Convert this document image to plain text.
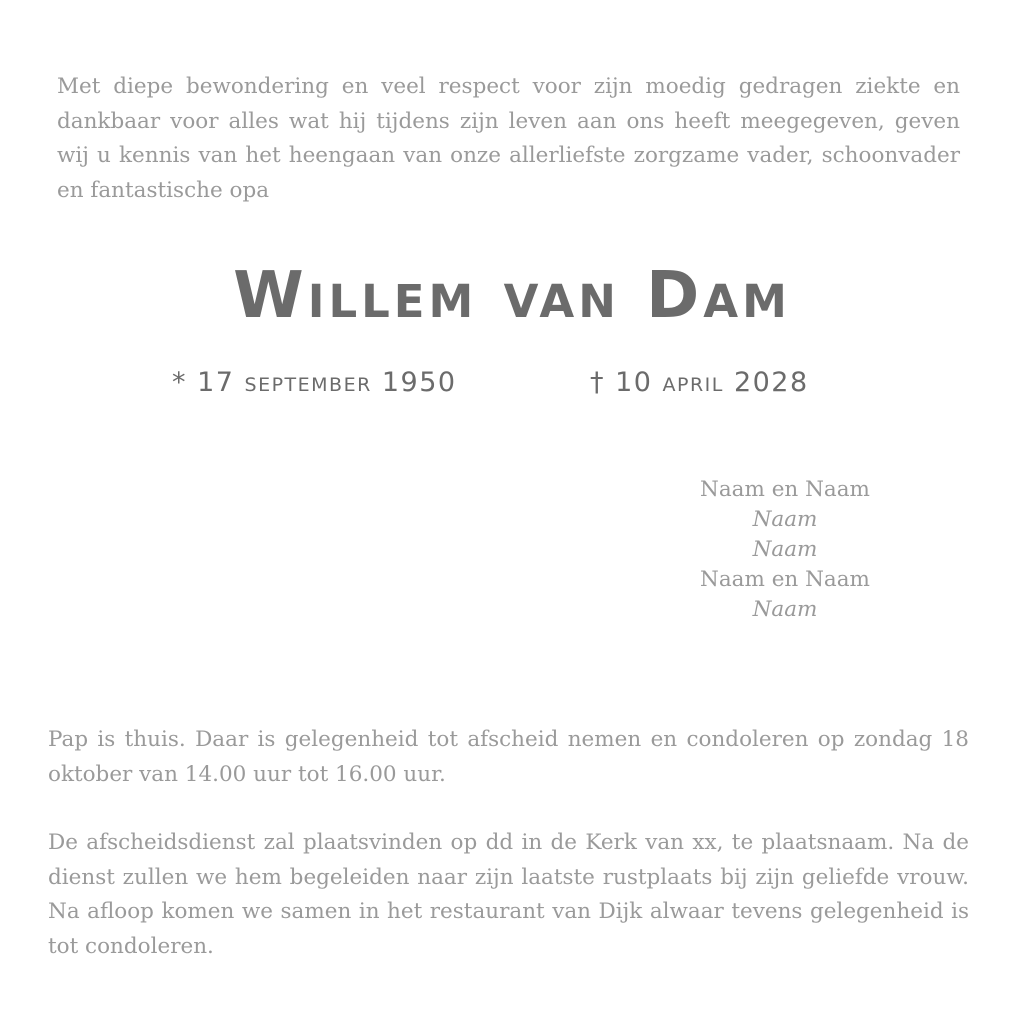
Met diepe bewondering en veel respect voor zijn moedig gedragen ziekte en dankbaar voor alles wat hij tijdens zijn leven aan ons heeft meegegeven, geven wij u kennis van het heengaan van onze allerliefste zorgzame vader, schoonvader en fantastische opa

Willem van Dam
* 17 september 1950	† 10 april 2028
Naam en Naam
Naam
Naam
Naam en Naam
Naam

Pap is thuis. Daar is gelegenheid tot afscheid nemen en condoleren op zondag 18 oktober van 14.00 uur tot 16.00 uur.

De afscheidsdienst zal plaatsvinden op dd in de Kerk van xx, te plaatsnaam. Na de dienst zullen we hem begeleiden naar zijn laatste rustplaats bij zijn geliefde vrouw. Na afloop komen we samen in het restaurant van Dijk alwaar tevens gelegenheid is tot condoleren.
